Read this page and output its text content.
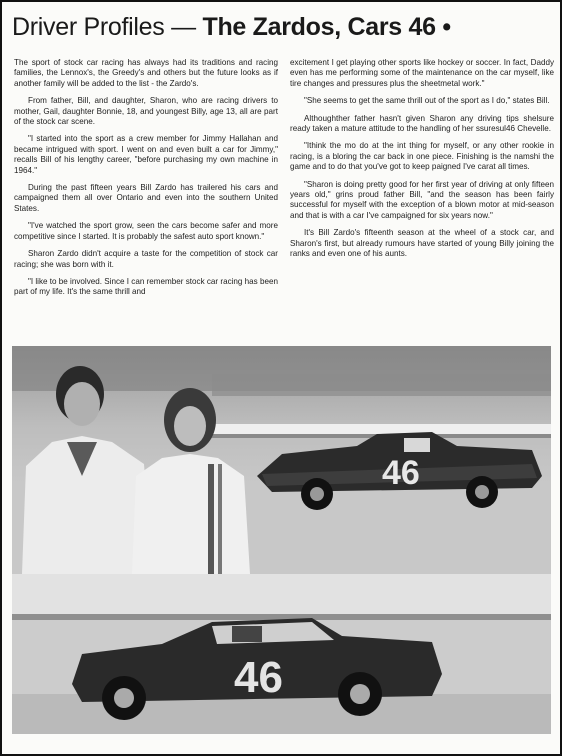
Driver Profiles — The Zardos, Cars 46 •

The sport of stock car racing has always had its traditions and racing families, the Lennox's, the Greedy's and others but the future looks as if another family will be added to the list - the Zardo's.

From father, Bill, and daughter, Sharon, who are racing drivers to mother, Gail, daughter Bonnie, 18, and youngest Billy, age 13, all are part of the stock car scene.

"I started into the sport as a crew member for Jimmy Hallahan and became intrigued with sport. I went on and even built a car for Jimmy," recalls Bill of his lengthy career, "before purchasing my own machine in 1964."

During the past fifteen years Bill Zardo has trailered his cars and campaigned them all over Ontario and even into the southern United States.

"I've watched the sport grow, seen the cars become safer and more competitive since I started. It is probably the safest auto sport known."

Sharon Zardo didn't acquire a taste for the competition of stock car racing; she was born with it.

"I like to be involved. Since I can remember stock car racing has been part of my life. It's the same thrill and

excitement I get playing other sports like hockey or soccer. In fact, Daddy even has me performing some of the maintenance on the car myself, like tire changes and pressures plus the sheetmetal work."

"She seems to get the same thrill out of the sport as I do," states Bill.

Althoughther father hasn't given Sharon any driving tips shelsure ready taken a mature attitude to the handling of her ssuresul46 Chevelle.

"Ithink the mo do at the int thing for myself, or any other rookie in racing, is a bloring the car back in one piece. Finishing is the namshi the game and to do that you've got to keep paigned I've carat all times.

"Sharon is doing pretty good for her first year of driving at only fifteen years old," grins proud father Bill, "and the season has been fairly successful for myself with the exception of a blown motor at mid-season and that is with a car I've campaigned for six years now."

It's Bill Zardo's fifteenth season at the wheel of a stock car, and Sharon's first, but already rumours have started of young Billy joining the ranks and even one of his aunts.

46
46
